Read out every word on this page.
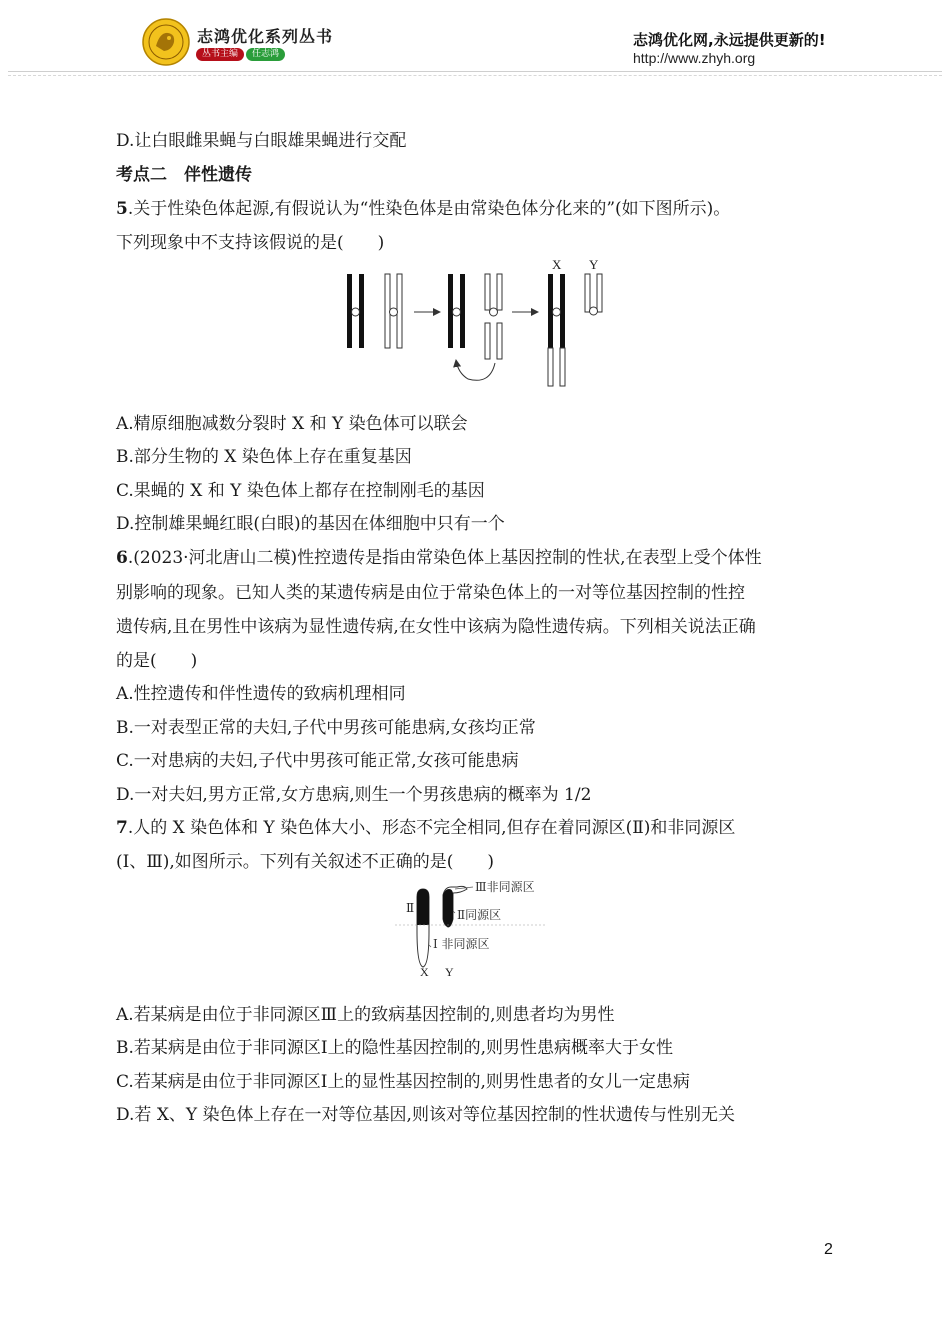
志鸿优化系列丛书
丛书主编	任志鸿
志鸿优化网,永远提供更新的!
http://www.zhyh.org
D.让白眼雌果蝇与白眼雄果蝇进行交配
考点二　伴性遗传
5.关于性染色体起源,有假说认为“性染色体是由常染色体分化来的”(如下图所示)。
下列现象中不支持该假说的是(　　)
X Y
A.精原细胞减数分裂时 X 和 Y 染色体可以联会
B.部分生物的 X 染色体上存在重复基因
C.果蝇的 X 和 Y 染色体上都存在控制刚毛的基因
D.控制雄果蝇红眼(白眼)的基因在体细胞中只有一个
6.(2023·河北唐山二模)性控遗传是指由常染色体上基因控制的性状,在表型上受个体性
别影响的现象。已知人类的某遗传病是由位于常染色体上的一对等位基因控制的性控
遗传病,且在男性中该病为显性遗传病,在女性中该病为隐性遗传病。下列相关说法正确
的是(　　)
A.性控遗传和伴性遗传的致病机理相同
B.一对表型正常的夫妇,子代中男孩可能患病,女孩均正常
C.一对患病的夫妇,子代中男孩可能正常,女孩可能患病
D.一对夫妇,男方正常,女方患病,则生一个男孩患病的概率为 1/2
7.人的 X 染色体和 Y 染色体大小、形态不完全相同,但存在着同源区(Ⅱ)和非同源区
(Ⅰ、Ⅲ),如图所示。下列有关叙述不正确的是(　　)
Ⅱ
Ⅲ非同源区
Ⅱ同源区
Ⅰ 非同源区
X Y
A.若某病是由位于非同源区Ⅲ上的致病基因控制的,则患者均为男性
B.若某病是由位于非同源区Ⅰ上的隐性基因控制的,则男性患病概率大于女性
C.若某病是由位于非同源区Ⅰ上的显性基因控制的,则男性患者的女儿一定患病
D.若 X、Y 染色体上存在一对等位基因,则该对等位基因控制的性状遗传与性别无关
2
